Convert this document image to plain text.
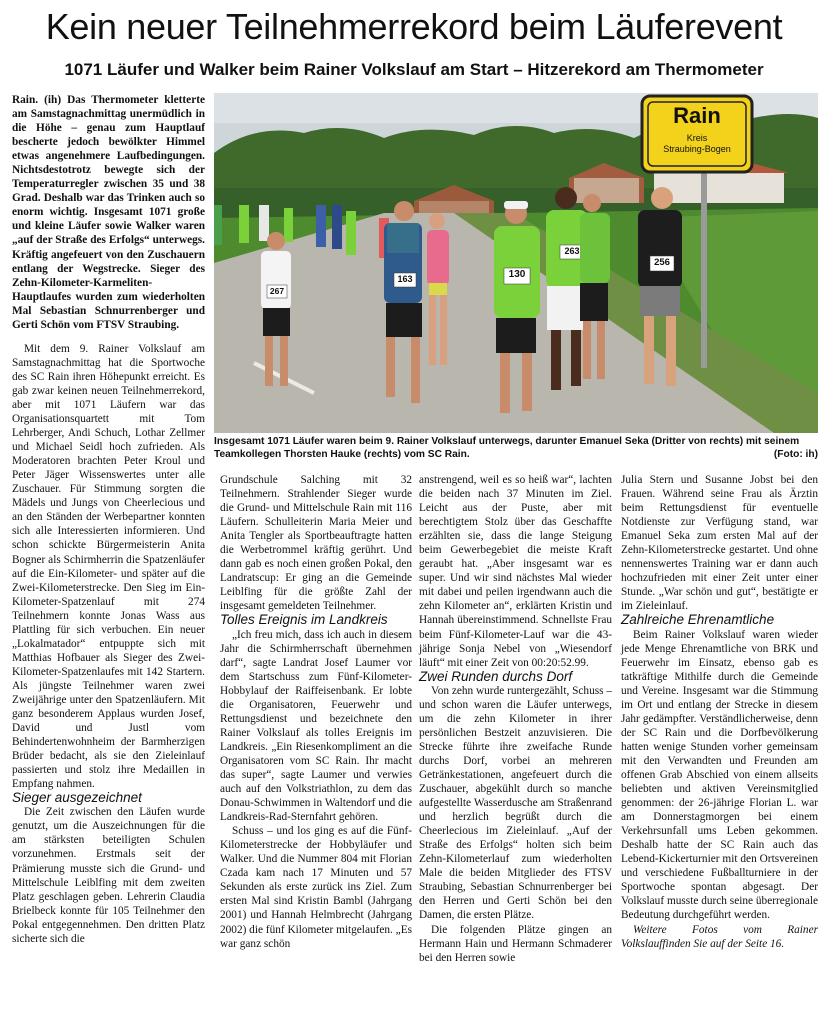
Kein neuer Teilnehmerrekord beim Läuferevent
1071 Läufer und Walker beim Rainer Volkslauf am Start – Hitzerekord am Thermometer

Rain. (ih) Das Thermometer kletterte am Samstagnachmittag unermüdlich in die Höhe – genau zum Hauptlauf bescherte jedoch bewölkter Himmel etwas angenehmere Laufbedingungen. Nichtsdestotrotz bewegte sich der Temperaturregler zwischen 35 und 38 Grad. Deshalb war das Trinken auch so enorm wichtig. Insgesamt 1071 große und kleine Läufer sowie Walker waren „auf der Straße des Erfolgs“ unterwegs. Kräftig angefeuert von den Zuschauern entlang der Wegstrecke. Sieger des Zehn-Kilometer-Karmeliten-Hauptlaufes wurden zum wiederholten Mal Sebastian Schnurrenberger und Gerti Schön vom FTSV Straubing.

Mit dem 9. Rainer Volkslauf am Samstagnachmittag hat die Sportwoche des SC Rain ihren Höhepunkt erreicht. Es gab zwar keinen neuen Teilnehmerrekord, aber mit 1071 Läufern war das Organisationsquartett mit Tom Lehrberger, Andi Schuch, Lothar Zellmer und Michael Seidl hoch zufrieden. Als Moderatoren brachten Peter Kroul und Peter Jäger Wissenswertes unter alle Zuschauer. Für Stimmung sorgten die Mädels und Jungs von Cheerlecious und an den Ständen der Werbepartner konnten sich alle Interessierten informieren. Und schon schickte Bürgermeisterin Anita Bogner als Schirmherrin die Spatzenläufer auf die Ein-Kilometer- und später auf die Zwei-Kilometerstrecke. Den Sieg im Ein-Kilometer-Spatzenlauf mit 274 Teilnehmern konnte Jonas Wass aus Plattling für sich verbuchen. Ein neuer „Lokalmatador“ entpuppte sich mit Matthias Hofbauer als Sieger des Zwei-Kilometer-Spatzenlaufes mit 142 Startern. Als jüngste Teilnehmer waren zwei Zweijährige unter den Spatzenläufern. Mit ganz besonderem Applaus wurden Josef, David und Justl vom Behindertenwohnheim der Barmherzigen Brüder bedacht, als sie den Zieleinlauf passierten und stolz ihre Medaillen in Empfang nahmen.

Sieger ausgezeichnet

Die Zeit zwischen den Läufen wurde genutzt, um die Auszeichnungen für die am stärksten beteiligten Schulen vorzunehmen. Erstmals seit der Prämierung musste sich die Grund- und Mittelschule Leiblfing mit dem zweiten Platz geschlagen geben. Lehrerin Claudia Brielbeck konnte für 105 Teilnehmer den Pokal entgegennehmen. Den dritten Platz sicherte sich die

Rain
Kreis
Straubing-Bogen
267
163	130
263
256
Insgesamt 1071 Läufer waren beim 9. Rainer Volkslauf unterwegs, darunter Emanuel Seka (Dritter von rechts) mit seinem Teamkollegen Thorsten Hauke (rechts) vom SC Rain.	(Foto: ih)

Grundschule Salching mit 32 Teilnehmern. Strahlender Sieger wurde die Grund- und Mittelschule Rain mit 116 Läufern. Schulleiterin Maria Meier und Anita Tengler als Sportbeauftragte hatten die Werbetrommel kräftig gerührt. Und dann gab es noch einen großen Pokal, den Landratscup: Er ging an die Gemeinde Leiblfing für die größte Zahl der insgesamt gemeldeten Teilnehmer.

Tolles Ereignis im Landkreis

„Ich freu mich, dass ich auch in diesem Jahr die Schirmherrschaft übernehmen darf“, sagte Landrat Josef Laumer vor dem Startschuss zum Fünf-Kilometer-Hobbylauf der Raiffeisenbank. Er lobte die Organisatoren, Feuerwehr und Rettungsdienst und bezeichnete den Rainer Volkslauf als tolles Ereignis im Landkreis. „Ein Riesenkompliment an die Organisatoren vom SC Rain. Ihr macht das super“, sagte Laumer und verwies auch auf den Volkstriathlon, zu dem das Donau-Schwimmen in Waltendorf und die Landkreis-Rad-Sternfahrt gehören.

Schuss – und los ging es auf die Fünf-Kilometerstrecke der Hobbyläufer und Walker. Und die Nummer 804 mit Florian Czada kam nach 17 Minuten und 57 Sekunden als erste zurück ins Ziel. Zum ersten Mal sind Kristin Bambl (Jahrgang 2001) und Hannah Helmbrecht (Jahrgang 2002) die fünf Kilometer mitgelaufen. „Es war ganz schön

anstrengend, weil es so heiß war“, lachten die beiden nach 37 Minuten im Ziel. Leicht aus der Puste, aber mit berechtigtem Stolz über das Geschaffte erzählten sie, dass die lange Steigung beim Gewerbegebiet die meiste Kraft geraubt hat. „Aber insgesamt war es super. Und wir sind nächstes Mal wieder mit dabei und peilen irgendwann auch die zehn Kilometer an“, erklärten Kristin und Hannah übereinstimmend. Schnellste Frau beim Fünf-Kilometer-Lauf war die 43-jährige Sonja Nebel von „Wiesendorf läuft“ mit einer Zeit von 00:20:52.99.

Zwei Runden durchs Dorf

Von zehn wurde runtergezählt, Schuss – und schon waren die Läufer unterwegs, um die zehn Kilometer in ihrer persönlichen Bestzeit anzuvisieren. Die Strecke führte ihre zweifache Runde durchs Dorf, vorbei an mehreren Getränkestationen, angefeuert durch die Zuschauer, abgekühlt durch so manche aufgestellte Wasserdusche am Straßenrand und herzlich begrüßt durch die Cheerlecious im Zieleinlauf. „Auf der Straße des Erfolgs“ holten sich beim Zehn-Kilometerlauf zum wiederholten Male die beiden Mitglieder des FTSV Straubing, Sebastian Schnurrenberger bei den Herren und Gerti Schön bei den Damen, die ersten Plätze.

Die folgenden Plätze gingen an Hermann Hain und Hermann Schmaderer bei den Herren sowie

Julia Stern und Susanne Jobst bei den Frauen. Während seine Frau als Ärztin beim Rettungsdienst für eventuelle Notdienste zur Verfügung stand, war Emanuel Seka zum ersten Mal auf der Zehn-Kilometerstrecke gestartet. Und ohne nennenswertes Training war er dann auch hochzufrieden mit einer Zeit unter einer Stunde. „War schön und gut“, bestätigte er im Zieleinlauf.

Zahlreiche Ehrenamtliche

Beim Rainer Volkslauf waren wieder jede Menge Ehrenamtliche von BRK und Feuerwehr im Einsatz, ebenso gab es tatkräftige Mithilfe durch die Gemeinde und Vereine. Insgesamt war die Stimmung im Ort und entlang der Strecke in diesem Jahr gedämpfter. Verständlicherweise, denn der SC Rain und die Dorfbevölkerung hatten wenige Stunden vorher gemeinsam mit den Verwandten und Freunden am offenen Grab Abschied von einem allseits beliebten und aktiven Vereinsmitglied genommen: der 26-jährige Florian L. war am Donnerstagmorgen bei einem Verkehrsunfall ums Leben gekommen. Deshalb hatte der SC Rain auch das Lebend-Kickerturnier mit den Ortsvereinen und verschiedene Fußballturniere in der Sportwoche spontan abgesagt. Der Volkslauf musste durch seine überregionale Bedeutung durchgeführt werden.

Weitere Fotos vom Rainer Volkslauffinden Sie auf der Seite 16.
